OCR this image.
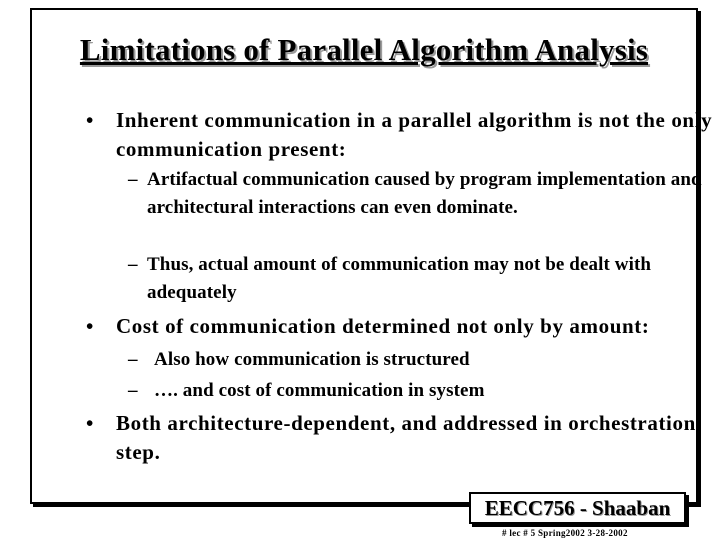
Limitations of Parallel Algorithm Analysis
•	Inherent communication in a parallel algorithm is not the only communication present:
– Artifactual communication caused by program implementation and architectural interactions can even dominate.
– Thus, actual amount of communication may not be dealt with adequately
•	Cost of communication determined not only by amount:
– Also how communication is structured
– …. and cost of communication in system
•	Both architecture-dependent, and addressed in orchestration step.
EECC756 - Shaaban
# lec # 5 Spring2002 3-28-2002
